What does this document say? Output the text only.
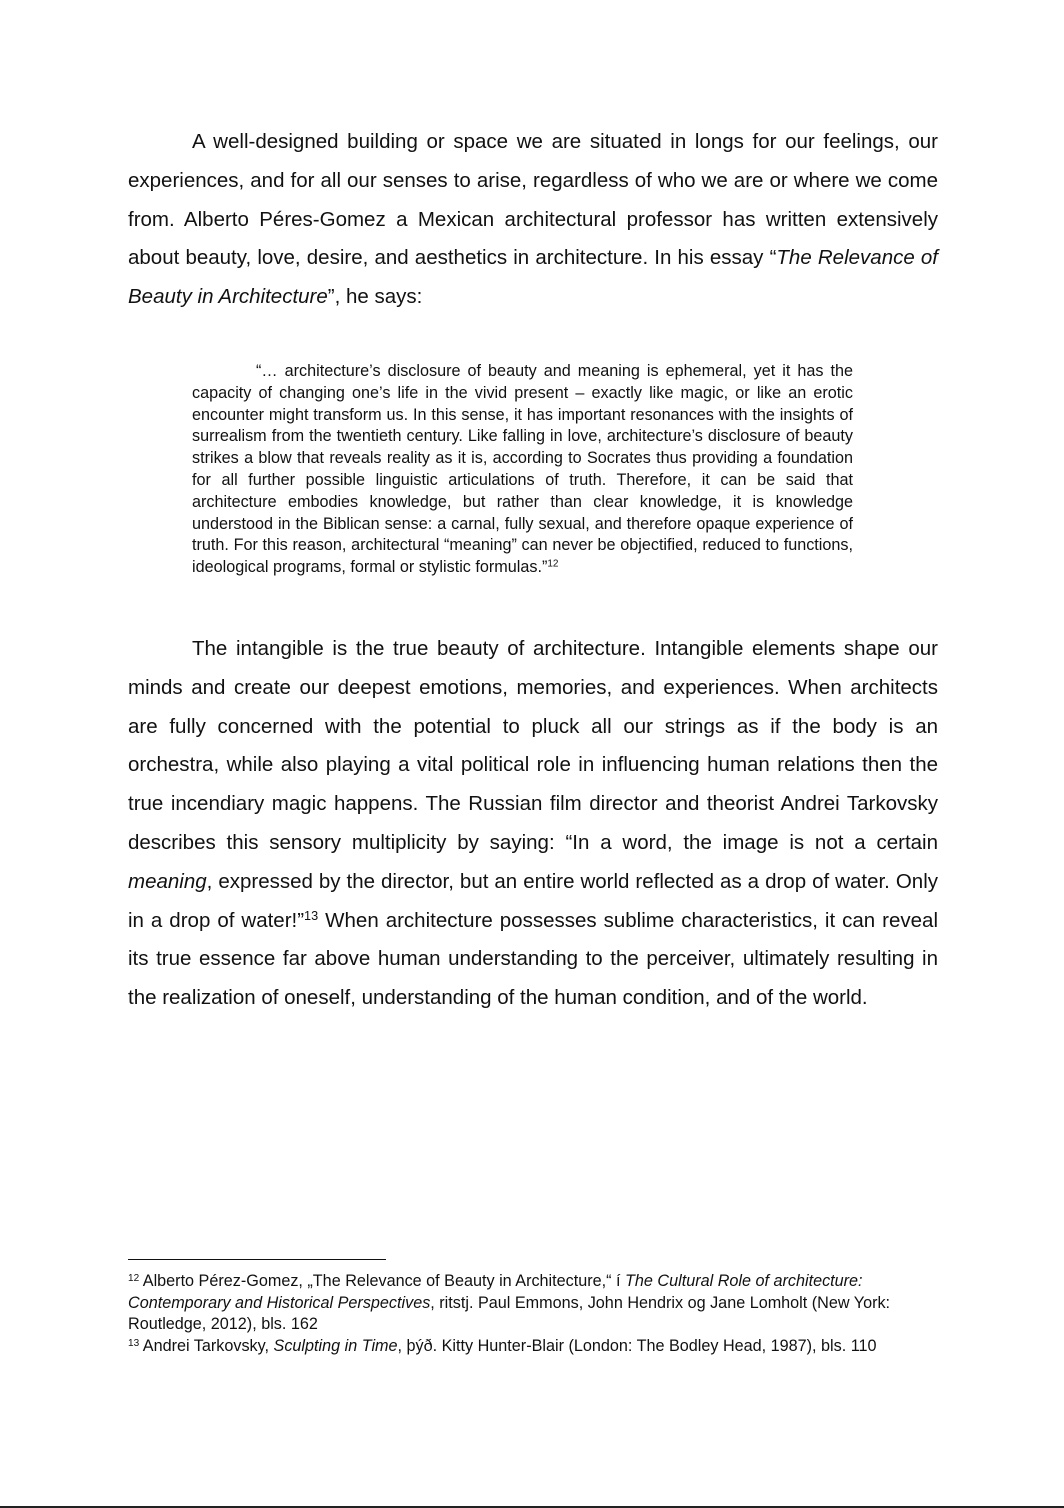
A well-designed building or space we are situated in longs for our feelings, our experiences, and for all our senses to arise, regardless of who we are or where we come from. Alberto Péres-Gomez a Mexican architectural professor has written extensively about beauty, love, desire, and aesthetics in architecture. In his essay “The Relevance of Beauty in Architecture”, he says:

“… architecture’s disclosure of beauty and meaning is ephemeral, yet it has the capacity of changing one’s life in the vivid present – exactly like magic, or like an erotic encounter might transform us. In this sense, it has important resonances with the insights of surrealism from the twentieth century. Like falling in love, architecture’s disclosure of beauty strikes a blow that reveals reality as it is, according to Socrates thus providing a foundation for all further possible linguistic articulations of truth. Therefore, it can be said that architecture embodies knowledge, but rather than clear knowledge, it is knowledge understood in the Biblican sense: a carnal, fully sexual, and therefore opaque experience of truth. For this reason, architectural “meaning” can never be objectified, reduced to functions, ideological programs, formal or stylistic formulas.”$^{12}$

The intangible is the true beauty of architecture. Intangible elements shape our minds and create our deepest emotions, memories, and experiences. When architects are fully concerned with the potential to pluck all our strings as if the body is an orchestra, while also playing a vital political role in influencing human relations then the true incendiary magic happens. The Russian film director and theorist Andrei Tarkovsky describes this sensory multiplicity by saying: “In a word, the image is not a certain meaning, expressed by the director, but an entire world reflected as a drop of water. Only in a drop of water!”$^{13}$ When architecture possesses sublime characteristics, it can reveal its true essence far above human understanding to the perceiver, ultimately resulting in the realization of oneself, understanding of the human condition, and of the world.

$^{12}$ Alberto Pérez-Gomez, „The Relevance of Beauty in Architecture,“ í The Cultural Role of architecture: Contemporary and Historical Perspectives, ritstj. Paul Emmons, John Hendrix og Jane Lomholt (New York: Routledge, 2012), bls. 162

$^{13}$ Andrei Tarkovsky, Sculpting in Time, þýð. Kitty Hunter-Blair (London: The Bodley Head, 1987), bls. 110
